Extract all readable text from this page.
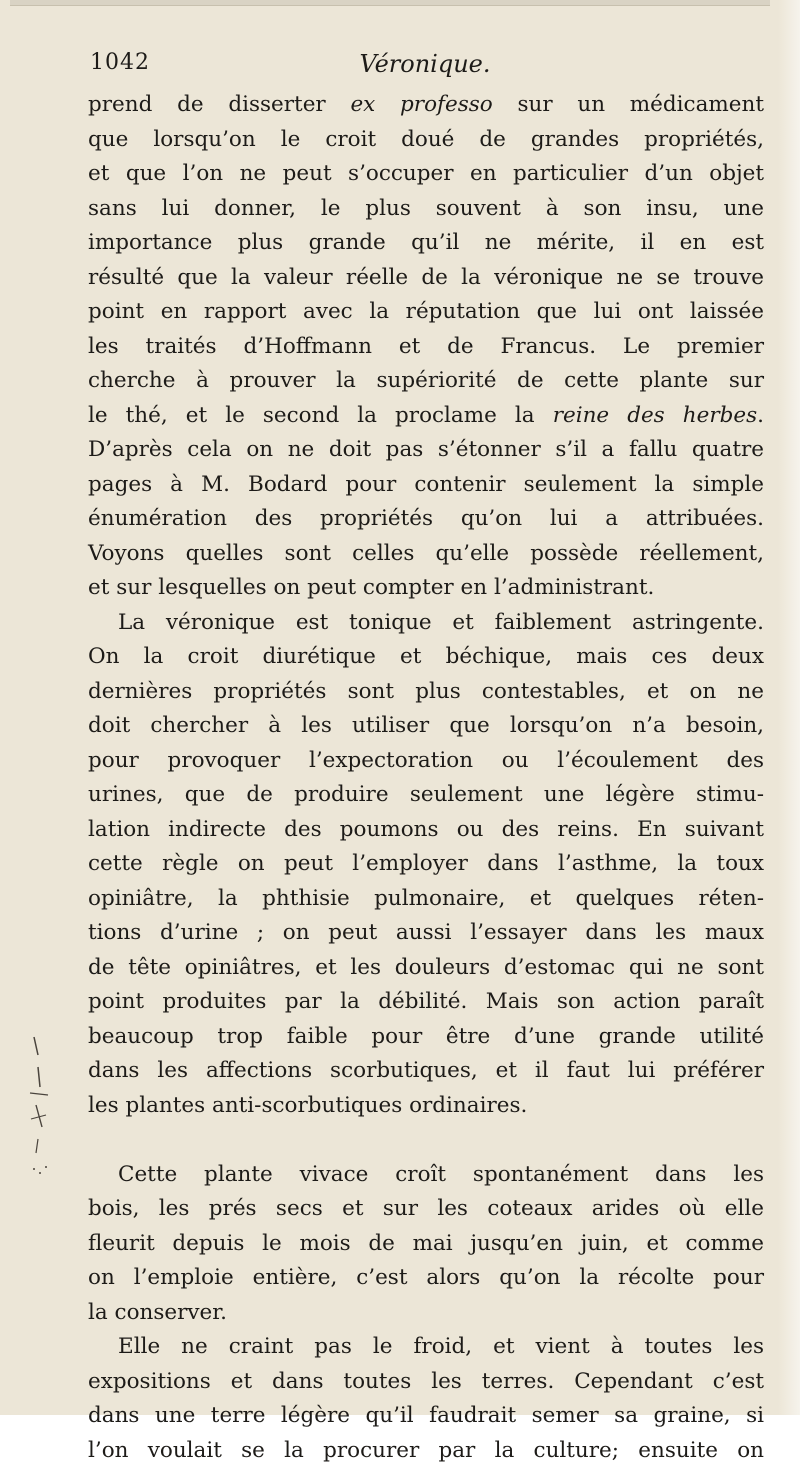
1042	Véronique.
prend de disserter ex professo sur un médicament
que lorsqu’on le croit doué de grandes propriétés,
et que l’on ne peut s’occuper en particulier d’un objet
sans lui donner, le plus souvent à son insu, une
importance plus grande qu’il ne mérite, il en est
résulté que la valeur réelle de la véronique ne se trouve
point en rapport avec la réputation que lui ont laissée
les traités d’Hoffmann et de Francus. Le premier
cherche à prouver la supériorité de cette plante sur
le thé, et le second la proclame la reine des herbes.
D’après cela on ne doit pas s’étonner s’il a fallu quatre
pages à M. Bodard pour contenir seulement la simple
énumération des propriétés qu’on lui a attribuées.
Voyons quelles sont celles qu’elle possède réellement,
et sur lesquelles on peut compter en l’administrant.
La véronique est tonique et faiblement astringente.
On la croit diurétique et béchique, mais ces deux
dernières propriétés sont plus contestables, et on ne
doit chercher à les utiliser que lorsqu’on n’a besoin,
pour provoquer l’expectoration ou l’écoulement des
urines, que de produire seulement une légère stimu-
lation indirecte des poumons ou des reins. En suivant
cette règle on peut l’employer dans l’asthme, la toux
opiniâtre, la phthisie pulmonaire, et quelques réten-
tions d’urine ; on peut aussi l’essayer dans les maux
de tête opiniâtres, et les douleurs d’estomac qui ne sont
point produites par la débilité. Mais son action paraît
beaucoup trop faible pour être d’une grande utilité
dans les affections scorbutiques, et il faut lui préférer
les plantes anti-scorbutiques ordinaires.
Cette plante vivace croît spontanément dans les
bois, les prés secs et sur les coteaux arides où elle
fleurit depuis le mois de mai jusqu’en juin, et comme
on l’emploie entière, c’est alors qu’on la récolte pour
la conserver.
Elle ne craint pas le froid, et vient à toutes les
expositions et dans toutes les terres. Cependant c’est
dans une terre légère qu’il faudrait semer sa graine, si
l’on voulait se la procurer par la culture; ensuite on
